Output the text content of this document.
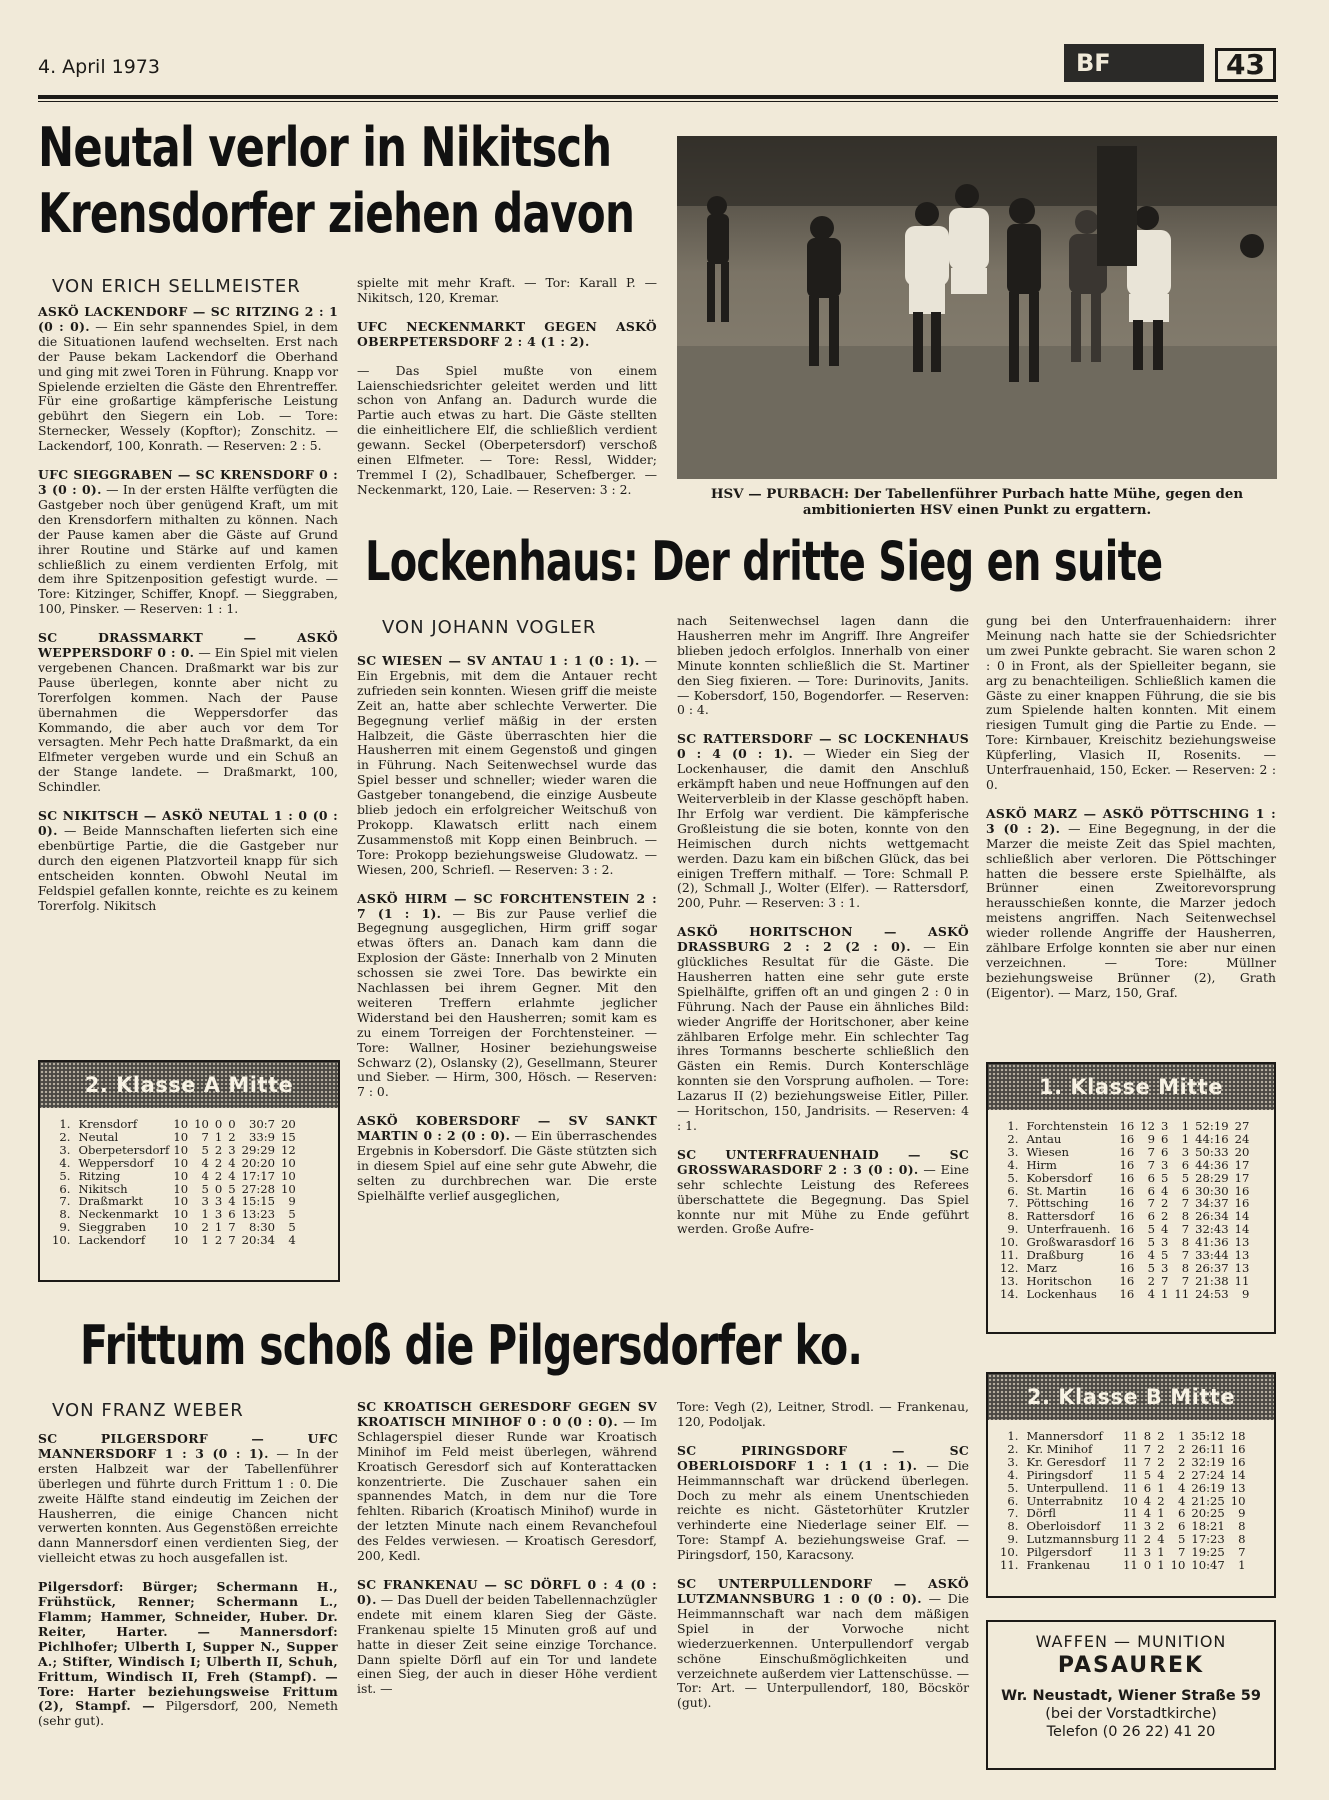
4. April 1973	BF	43
Neutal verlor in Nikitsch
Krensdorfer ziehen davon
VON ERICH SELLMEISTER

ASKÖ LACKENDORF — SC RITZING 2 : 1 (0 : 0). — Ein sehr spannendes Spiel, in dem die Situationen laufend wechselten. Erst nach der Pause bekam Lackendorf die Oberhand und ging mit zwei Toren in Führung. Knapp vor Spielende erzielten die Gäste den Ehrentreffer. Für eine großartige kämpferische Leistung gebührt den Siegern ein Lob. — Tore: Sternecker, Wessely (Kopftor); Zonschitz. — Lackendorf, 100, Konrath. — Reserven: 2 : 5.

UFC SIEGGRABEN — SC KRENSDORF 0 : 3 (0 : 0). — In der ersten Hälfte verfügten die Gastgeber noch über genügend Kraft, um mit den Krensdorfern mithalten zu können. Nach der Pause kamen aber die Gäste auf Grund ihrer Routine und Stärke auf und kamen schließlich zu einem verdienten Erfolg, mit dem ihre Spitzenposition gefestigt wurde. — Tore: Kitzinger, Schiffer, Knopf. — Sieggraben, 100, Pinsker. — Reserven: 1 : 1.

SC DRASSMARKT — ASKÖ WEPPERSDORF 0 : 0. — Ein Spiel mit vielen vergebenen Chancen. Draßmarkt war bis zur Pause überlegen, konnte aber nicht zu Torerfolgen kommen. Nach der Pause übernahmen die Weppersdorfer das Kommando, die aber auch vor dem Tor versagten. Mehr Pech hatte Draßmarkt, da ein Elfmeter vergeben wurde und ein Schuß an der Stange landete. — Draßmarkt, 100, Schindler.

SC NIKITSCH — ASKÖ NEUTAL 1 : 0 (0 : 0). — Beide Mannschaften lieferten sich eine ebenbürtige Partie, die die Gastgeber nur durch den eigenen Platzvorteil knapp für sich entscheiden konnten. Obwohl Neutal im Feldspiel gefallen konnte, reichte es zu keinem Torerfolg. Nikitsch

spielte mit mehr Kraft. — Tor: Karall P. — Nikitsch, 120, Kremar.

UFC NECKENMARKT GEGEN ASKÖ OBERPETERSDORF 2 : 4 (1 : 2).

— Das Spiel mußte von einem Laienschiedsrichter geleitet werden und litt schon von Anfang an. Dadurch wurde die Partie auch etwas zu hart. Die Gäste stellten die einheitlichere Elf, die schließlich verdient gewann. Seckel (Oberpetersdorf) verschoß einen Elfmeter. — Tore: Ressl, Widder; Tremmel I (2), Schadlbauer, Schefberger. — Neckenmarkt, 120, Laie. — Reserven: 3 : 2.	HSV — PURBACH: Der Tabellenführer Purbach hatte Mühe, gegen den ambitionierten HSV einen Punkt zu ergattern.
Lockenhaus: Der dritte Sieg en suite
VON JOHANN VOGLER

SC WIESEN — SV ANTAU 1 : 1 (0 : 1). — Ein Ergebnis, mit dem die Antauer recht zufrieden sein konnten. Wiesen griff die meiste Zeit an, hatte aber schlechte Verwerter. Die Begegnung verlief mäßig in der ersten Halbzeit, die Gäste überraschten hier die Hausherren mit einem Gegenstoß und gingen in Führung. Nach Seitenwechsel wurde das Spiel besser und schneller; wieder waren die Gastgeber tonangebend, die einzige Ausbeute blieb jedoch ein erfolgreicher Weitschuß von Prokopp. Klawatsch erlitt nach einem Zusammenstoß mit Kopp einen Beinbruch. — Tore: Prokopp beziehungsweise Gludowatz. — Wiesen, 200, Schriefl. — Reserven: 3 : 2.

ASKÖ HIRM — SC FORCHTENSTEIN 2 : 7 (1 : 1). — Bis zur Pause verlief die Begegnung ausgeglichen, Hirm griff sogar etwas öfters an. Danach kam dann die Explosion der Gäste: Innerhalb von 2 Minuten schossen sie zwei Tore. Das bewirkte ein Nachlassen bei ihrem Gegner. Mit den weiteren Treffern erlahmte jeglicher Widerstand bei den Hausherren; somit kam es zu einem Torreigen der Forchtensteiner. — Tore: Wallner, Hosiner beziehungsweise Schwarz (2), Oslansky (2), Gesellmann, Steurer und Sieber. — Hirm, 300, Hösch. — Reserven: 7 : 0.

ASKÖ KOBERSDORF — SV SANKT MARTIN 0 : 2 (0 : 0). — Ein überraschendes Ergebnis in Kobersdorf. Die Gäste stützten sich in diesem Spiel auf eine sehr gute Abwehr, die selten zu durchbrechen war. Die erste Spielhälfte verlief ausgeglichen,

nach Seitenwechsel lagen dann die Hausherren mehr im Angriff. Ihre Angreifer blieben jedoch erfolglos. Innerhalb von einer Minute konnten schließlich die St. Martiner den Sieg fixieren. — Tore: Durinovits, Janits. — Kobersdorf, 150, Bogendorfer. — Reserven: 0 : 4.

SC RATTERSDORF — SC LOCKENHAUS 0 : 4 (0 : 1). — Wieder ein Sieg der Lockenhauser, die damit den Anschluß erkämpft haben und neue Hoffnungen auf den Weiterverbleib in der Klasse geschöpft haben. Ihr Erfolg war verdient. Die kämpferische Großleistung die sie boten, konnte von den Heimischen durch nichts wettgemacht werden. Dazu kam ein bißchen Glück, das bei einigen Treffern mithalf. — Tore: Schmall P. (2), Schmall J., Wolter (Elfer). — Rattersdorf, 200, Puhr. — Reserven: 3 : 1.

ASKÖ HORITSCHON — ASKÖ DRASSBURG 2 : 2 (2 : 0). — Ein glückliches Resultat für die Gäste. Die Hausherren hatten eine sehr gute erste Spielhälfte, griffen oft an und gingen 2 : 0 in Führung. Nach der Pause ein ähnliches Bild: wieder Angriffe der Horitschoner, aber keine zählbaren Erfolge mehr. Ein schlechter Tag ihres Tormanns bescherte schließlich den Gästen ein Remis. Durch Konterschläge konnten sie den Vorsprung aufholen. — Tore: Lazarus II (2) beziehungsweise Eitler, Piller. — Horitschon, 150, Jandrisits. — Reserven: 4 : 1.

SC UNTERFRAUENHAID — SC GROSSWARASDORF 2 : 3 (0 : 0). — Eine sehr schlechte Leistung des Referees überschattete die Begegnung. Das Spiel konnte nur mit Mühe zu Ende geführt werden. Große Aufre-

gung bei den Unterfrauenhaidern: ihrer Meinung nach hatte sie der Schiedsrichter um zwei Punkte gebracht. Sie waren schon 2 : 0 in Front, als der Spielleiter begann, sie arg zu benachteiligen. Schließlich kamen die Gäste zu einer knappen Führung, die sie bis zum Spielende halten konnten. Mit einem riesigen Tumult ging die Partie zu Ende. — Tore: Kirnbauer, Kreischitz beziehungsweise Küpferling, Vlasich II, Rosenits. — Unterfrauenhaid, 150, Ecker. — Reserven: 2 : 0.

ASKÖ MARZ — ASKÖ PÖTTSCHING 1 : 3 (0 : 2). — Eine Begegnung, in der die Marzer die meiste Zeit das Spiel machten, schließlich aber verloren. Die Pöttschinger hatten die bessere erste Spielhälfte, als Brünner einen Zweitorevorsprung herausschießen konnte, die Marzer jedoch meistens angriffen. Nach Seitenwechsel wieder rollende Angriffe der Hausherren, zählbare Erfolge konnten sie aber nur einen verzeichnen. — Tore: Müllner beziehungsweise Brünner (2), Grath (Eigentor). — Marz, 150, Graf.

2. Klasse A Mitte
1.	Krensdorf	10	10	0	0	30:7	20
2.	Neutal	10	7	1	2	33:9	15
3.	Oberpetersdorf	10	5	2	3	29:29	12
4.	Weppersdorf	10	4	2	4	20:20	10
5.	Ritzing	10	4	2	4	17:17	10
6.	Nikitsch	10	5	0	5	27:28	10
7.	Draßmarkt	10	3	3	4	15:15	9
8.	Neckenmarkt	10	1	3	6	13:23	5
9.	Sieggraben	10	2	1	7	8:30	5
10.	Lackendorf	10	1	2	7	20:34	4
1. Klasse Mitte
1.	Forchtenstein	16	12	3	1	52:19	27
2.	Antau	16	9	6	1	44:16	24
3.	Wiesen	16	7	6	3	50:33	20
4.	Hirm	16	7	3	6	44:36	17
5.	Kobersdorf	16	6	5	5	28:29	17
6.	St. Martin	16	6	4	6	30:30	16
7.	Pöttsching	16	7	2	7	34:37	16
8.	Rattersdorf	16	6	2	8	26:34	14
9.	Unterfrauenh.	16	5	4	7	32:43	14
10.	Großwarasdorf	16	5	3	8	41:36	13
11.	Draßburg	16	4	5	7	33:44	13
12.	Marz	16	5	3	8	26:37	13
13.	Horitschon	16	2	7	7	21:38	11
14.	Lockenhaus	16	4	1	11	24:53	9
Frittum schoß die Pilgersdorfer ko.
VON FRANZ WEBER

SC PILGERSDORF — UFC MANNERSDORF 1 : 3 (0 : 1). — In der ersten Halbzeit war der Tabellenführer überlegen und führte durch Frittum 1 : 0. Die zweite Hälfte stand eindeutig im Zeichen der Hausherren, die einige Chancen nicht verwerten konnten. Aus Gegenstößen erreichte dann Mannersdorf einen verdienten Sieg, der vielleicht etwas zu hoch ausgefallen ist.

Pilgersdorf: Bürger; Schermann H., Frühstück, Renner; Schermann L., Flamm; Hammer, Schneider, Huber. Dr. Reiter, Harter. — Mannersdorf: Pichlhofer; Ulberth I, Supper N., Supper A.; Stifter, Windisch I; Ulberth II, Schuh, Frittum, Windisch II, Freh (Stampf). — Tore: Harter beziehungsweise Frittum (2), Stampf. — Pilgersdorf, 200, Nemeth (sehr gut).

SC KROATISCH GERESDORF GEGEN SV KROATISCH MINIHOF 0 : 0 (0 : 0). — Im Schlagerspiel dieser Runde war Kroatisch Minihof im Feld meist überlegen, während Kroatisch Geresdorf sich auf Konterattacken konzentrierte. Die Zuschauer sahen ein spannendes Match, in dem nur die Tore fehlten. Ribarich (Kroatisch Minihof) wurde in der letzten Minute nach einem Revanchefoul des Feldes verwiesen. — Kroatisch Geresdorf, 200, Kedl.

SC FRANKENAU — SC DÖRFL 0 : 4 (0 : 0). — Das Duell der beiden Tabellennachzügler endete mit einem klaren Sieg der Gäste. Frankenau spielte 15 Minuten groß auf und hatte in dieser Zeit seine einzige Torchance. Dann spielte Dörfl auf ein Tor und landete einen Sieg, der auch in dieser Höhe verdient ist. —

Tore: Vegh (2), Leitner, Strodl. — Frankenau, 120, Podoljak.

SC PIRINGSDORF — SC OBERLOISDORF 1 : 1 (1 : 1). — Die Heimmannschaft war drückend überlegen. Doch zu mehr als einem Unentschieden reichte es nicht. Gästetorhüter Krutzler verhinderte eine Niederlage seiner Elf. — Tore: Stampf A. beziehungsweise Graf. — Piringsdorf, 150, Karacsony.

SC UNTERPULLENDORF — ASKÖ LUTZMANNSBURG 1 : 0 (0 : 0). — Die Heimmannschaft war nach dem mäßigen Spiel in der Vorwoche nicht wiederzuerkennen. Unterpullendorf vergab schöne Einschußmöglichkeiten und verzeichnete außerdem vier Lattenschüsse. — Tor: Art. — Unterpullendorf, 180, Böcskör (gut).

2. Klasse B Mitte
1.	Mannersdorf	11	8	2	1	35:12	18
2.	Kr. Minihof	11	7	2	2	26:11	16
3.	Kr. Geresdorf	11	7	2	2	32:19	16
4.	Piringsdorf	11	5	4	2	27:24	14
5.	Unterpullend.	11	6	1	4	26:19	13
6.	Unterrabnitz	10	4	2	4	21:25	10
7.	Dörfl	11	4	1	6	20:25	9
8.	Oberloisdorf	11	3	2	6	18:21	8
9.	Lutzmannsburg	11	2	4	5	17:23	8
10.	Pilgersdorf	11	3	1	7	19:25	7
11.	Frankenau	11	0	1	10	10:47	1
WAFFEN — MUNITION
PASAUREK
Wr. Neustadt, Wiener Straße 59
(bei der Vorstadtkirche)
Telefon (0 26 22) 41 20
